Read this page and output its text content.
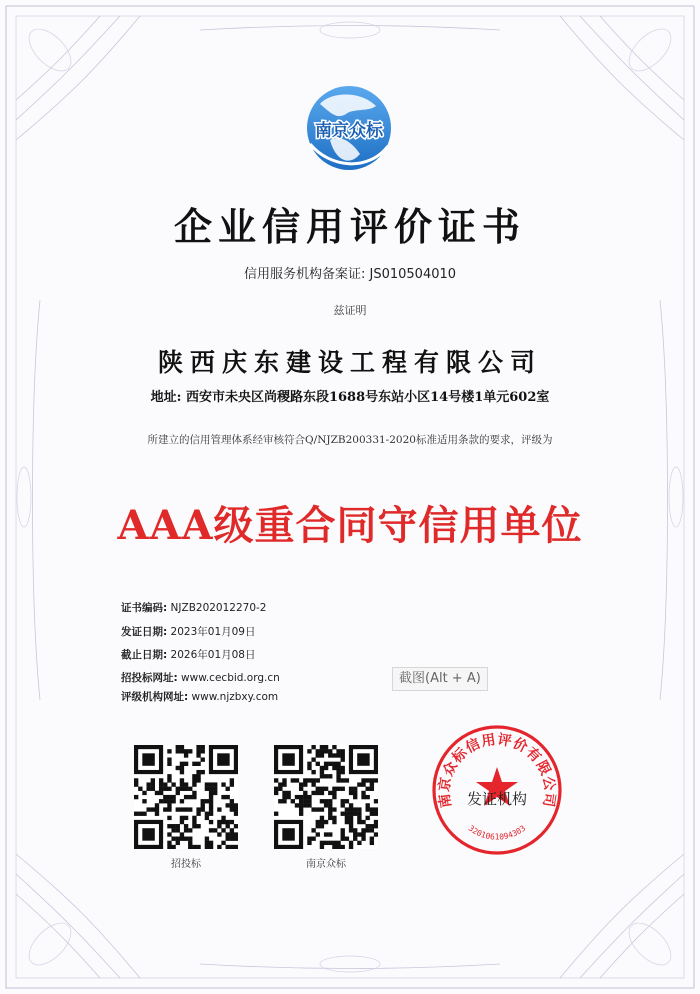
南京众标
企业信用评价证书
信用服务机构备案证: JS010504010
兹证明
陕西庆东建设工程有限公司
地址: 西安市未央区尚稷路东段1688号东站小区14号楼1单元602室
所建立的信用管理体系经审核符合Q/NJZB200331-2020标准适用条款的要求，评级为
AAA级重合同守信用单位
证书编码: NJZB202012270-2
发证日期: 2023年01月09日
截止日期: 2026年01月08日
招投标网址: www.cecbid.org.cn
评级机构网址: www.njzbxy.com
截图(Alt + A)
招投标	南京众标
南京众标信用评价有限公司
发证机构
3201061094303
